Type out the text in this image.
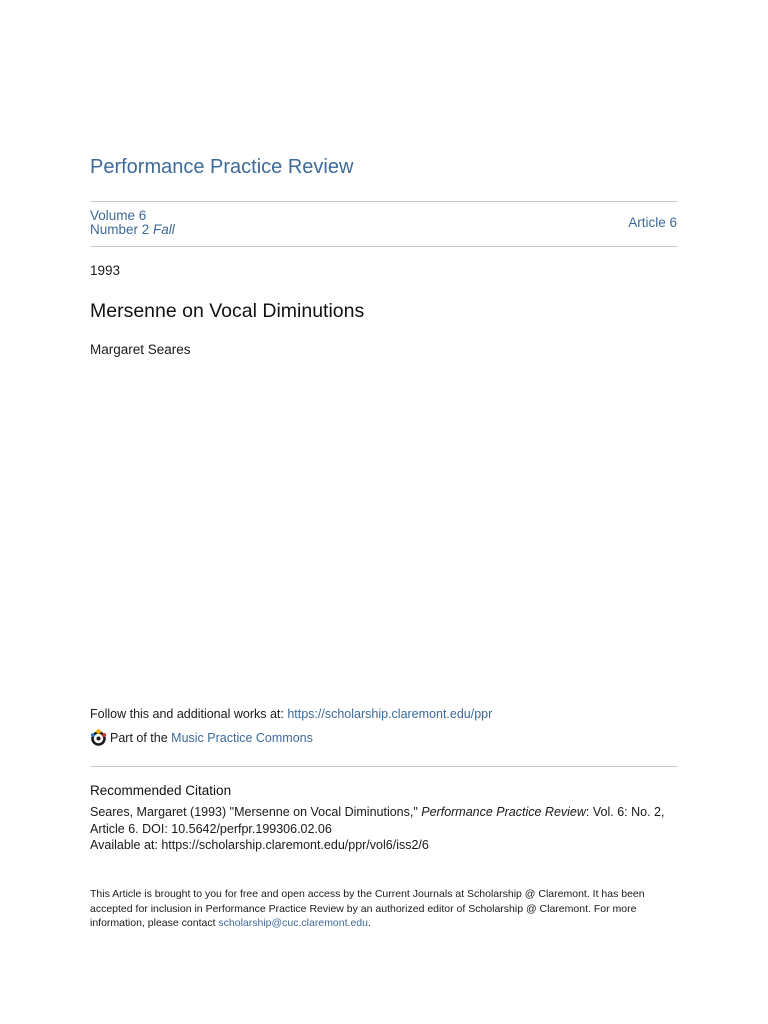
Performance Practice Review
Volume 6
Number 2 Fall	Article 6
1993
Mersenne on Vocal Diminutions
Margaret Seares
Follow this and additional works at: https://scholarship.claremont.edu/ppr
Part of the Music Practice Commons
Recommended Citation
Seares, Margaret (1993) "Mersenne on Vocal Diminutions," Performance Practice Review: Vol. 6: No. 2, Article 6. DOI: 10.5642/perfpr.199306.02.06
Available at: https://scholarship.claremont.edu/ppr/vol6/iss2/6
This Article is brought to you for free and open access by the Current Journals at Scholarship @ Claremont. It has been accepted for inclusion in Performance Practice Review by an authorized editor of Scholarship @ Claremont. For more information, please contact scholarship@cuc.claremont.edu.
